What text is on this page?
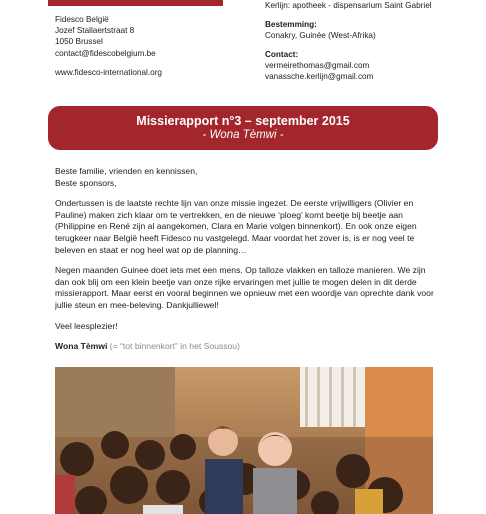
Fidesco België
Jozef Stallaertstraat 8
1050 Brussel
contact@fidescobelgium.be
www.fidesco-international.org
Kerlijn: apotheek - dispensarium Saint Gabriel
Bestemming:
Conakry, Guinée (West-Afrika)
Contact:
vermeirethomas@gmail.com
vanassche.kerlijn@gmail.com
Missierapport n°3 – september 2015
- Wona Tèmwi -

Beste familie, vrienden en kennissen,
Beste sponsors,

Ondertussen is de laatste rechte lijn van onze missie ingezet. De eerste vrijwilligers (Olivier en Pauline) maken zich klaar om te vertrekken, en de nieuwe ‘ploeg’ komt beetje bij beetje aan (Philippine en René zijn al aangekomen, Clara en Marie volgen binnenkort). En ook onze eigen terugkeer naar België heeft Fidesco nu vastgelegd. Maar voordat het zover is, is er nog veel te beleven en staat er nog heel wat op de planning…

Negen maanden Guinee doet iets met een mens. Op talloze vlakken en talloze manieren. We zijn dan ook blij om een klein beetje van onze rijke ervaringen met jullie te mogen delen in dit derde missierapport. Maar eerst en vooral beginnen we opnieuw met een woordje van oprechte dank voor jullie steun en mee-beleving. Dankjulliewel!

Veel leesplezier!

Wona Tèmwi (= “tot binnenkort” in het Soussou)
